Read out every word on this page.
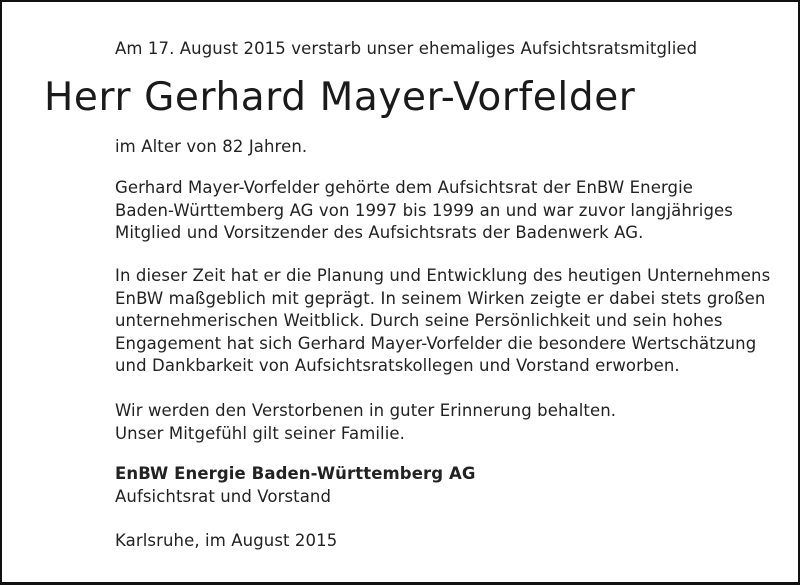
Am 17. August 2015 verstarb unser ehemaliges Aufsichtsratsmitglied

Herr Gerhard Mayer-Vorfelder

im Alter von 82 Jahren.

Gerhard Mayer-Vorfelder gehörte dem Aufsichtsrat der EnBW Energie
Baden-Württemberg AG von 1997 bis 1999 an und war zuvor langjähriges
Mitglied und Vorsitzender des Aufsichtsrats der Badenwerk AG.
In dieser Zeit hat er die Planung und Entwicklung des heutigen Unternehmens
EnBW maßgeblich mit geprägt. In seinem Wirken zeigte er dabei stets großen
unternehmerischen Weitblick. Durch seine Persönlichkeit und sein hohes
Engagement hat sich Gerhard Mayer-Vorfelder die besondere Wertschätzung
und Dankbarkeit von Aufsichtsratskollegen und Vorstand erworben.
Wir werden den Verstorbenen in guter Erinnerung behalten.
Unser Mitgefühl gilt seiner Familie.

EnBW Energie Baden-Württemberg AG

Aufsichtsrat und Vorstand

Karlsruhe, im August 2015
